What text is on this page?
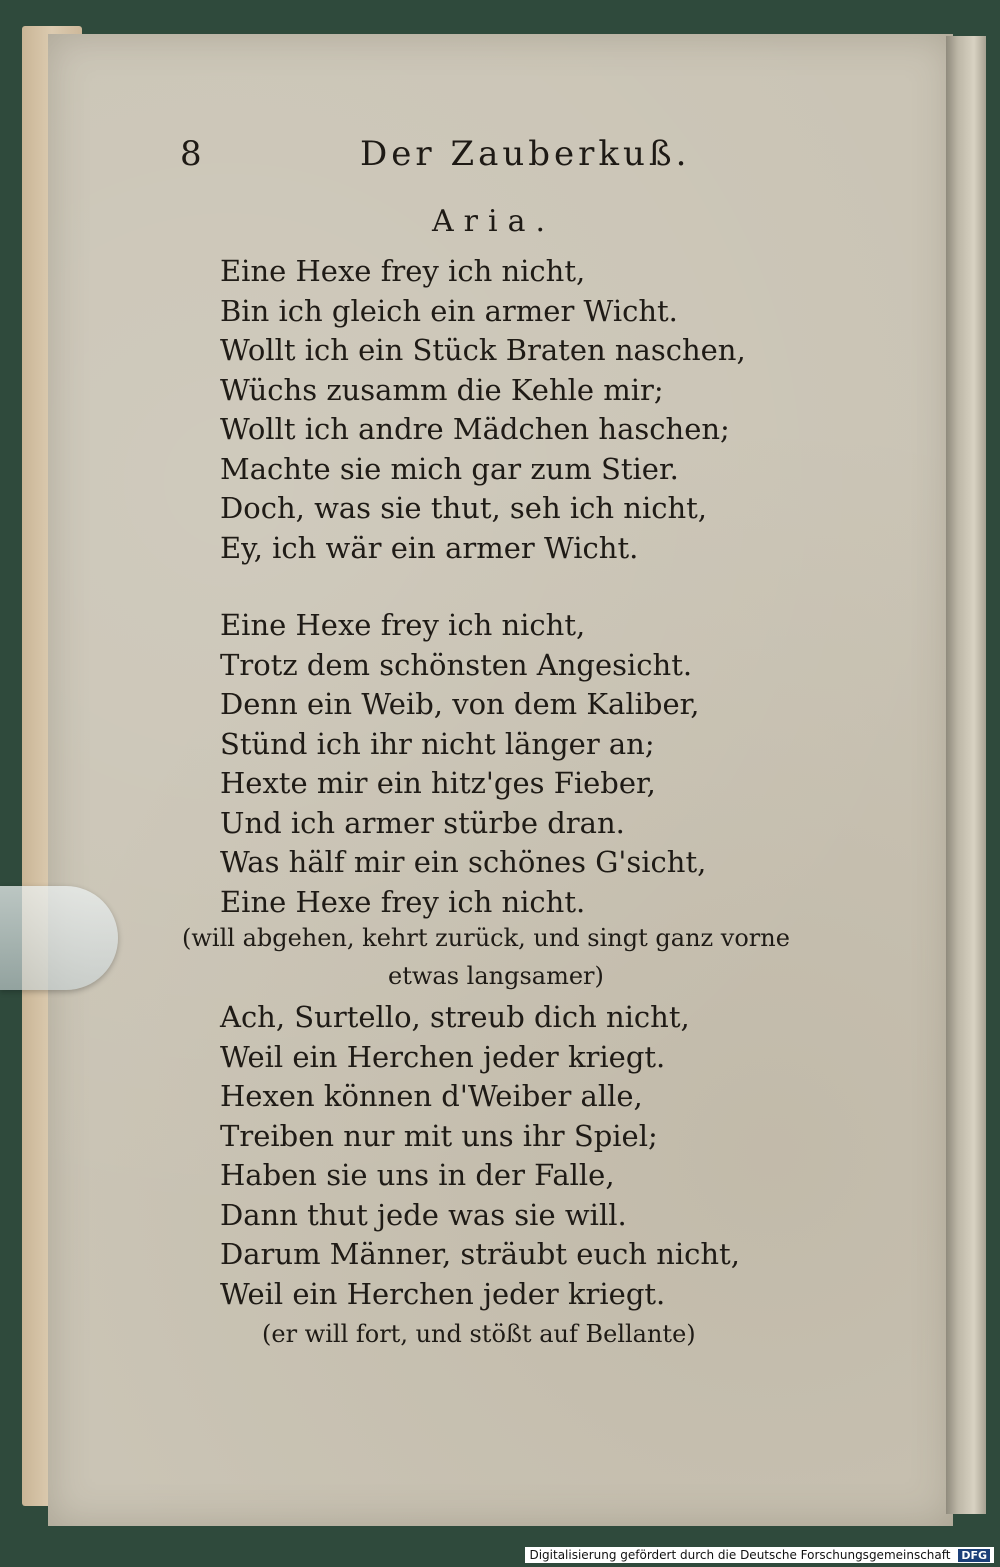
8	Der Zauberkuß.
Aria.
Eine Hexe frey ich nicht,
Bin ich gleich ein armer Wicht.
Wollt ich ein Stück Braten naschen,
Wüchs zusamm die Kehle mir;
Wollt ich andre Mädchen haschen;
Machte sie mich gar zum Stier.
Doch, was sie thut, seh ich nicht,
Ey, ich wär ein armer Wicht.
Eine Hexe frey ich nicht,
Trotz dem schönsten Angesicht.
Denn ein Weib, von dem Kaliber,
Stünd ich ihr nicht länger an;
Hexte mir ein hitz'ges Fieber,
Und ich armer stürbe dran.
Was hälf mir ein schönes G'sicht,
Eine Hexe frey ich nicht.
(will abgehen, kehrt zurück, und singt ganz vorne
etwas langsamer)
Ach, Surtello, streub dich nicht,
Weil ein Herchen jeder kriegt.
Hexen können d'Weiber alle,
Treiben nur mit uns ihr Spiel;
Haben sie uns in der Falle,
Dann thut jede was sie will.
Darum Männer, sträubt euch nicht,
Weil ein Herchen jeder kriegt.
(er will fort, und stößt auf Bellante)
Digitalisierung gefördert durch die Deutsche Forschungsgemeinschaft DFG
